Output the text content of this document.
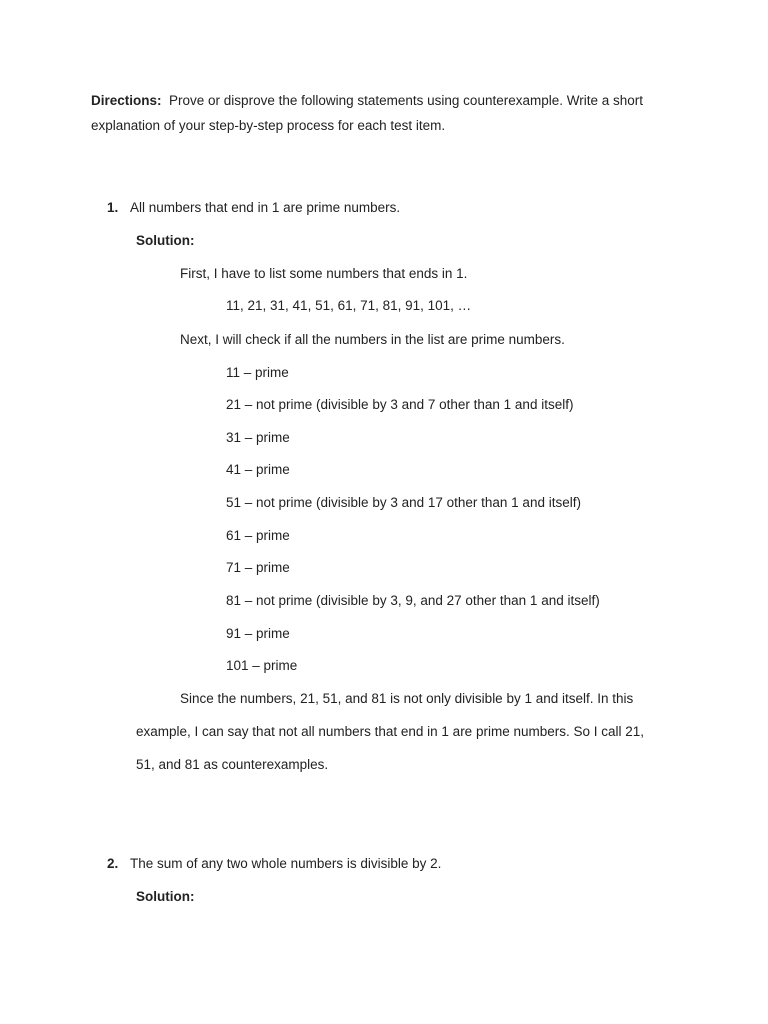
Directions: Prove or disprove the following statements using counterexample. Write a short
explanation of your step-by-step process for each test item.
1. All numbers that end in 1 are prime numbers.
Solution:
First, I have to list some numbers that ends in 1.
11, 21, 31, 41, 51, 61, 71, 81, 91, 101, …
Next, I will check if all the numbers in the list are prime numbers.
11 – prime
21 – not prime (divisible by 3 and 7 other than 1 and itself)
31 – prime
41 – prime
51 – not prime (divisible by 3 and 17 other than 1 and itself)
61 – prime
71 – prime
81 – not prime (divisible by 3, 9, and 27 other than 1 and itself)
91 – prime
101 – prime
Since the numbers, 21, 51, and 81 is not only divisible by 1 and itself. In this
example, I can say that not all numbers that end in 1 are prime numbers. So I call 21,
51, and 81 as counterexamples.
2. The sum of any two whole numbers is divisible by 2.
Solution:
